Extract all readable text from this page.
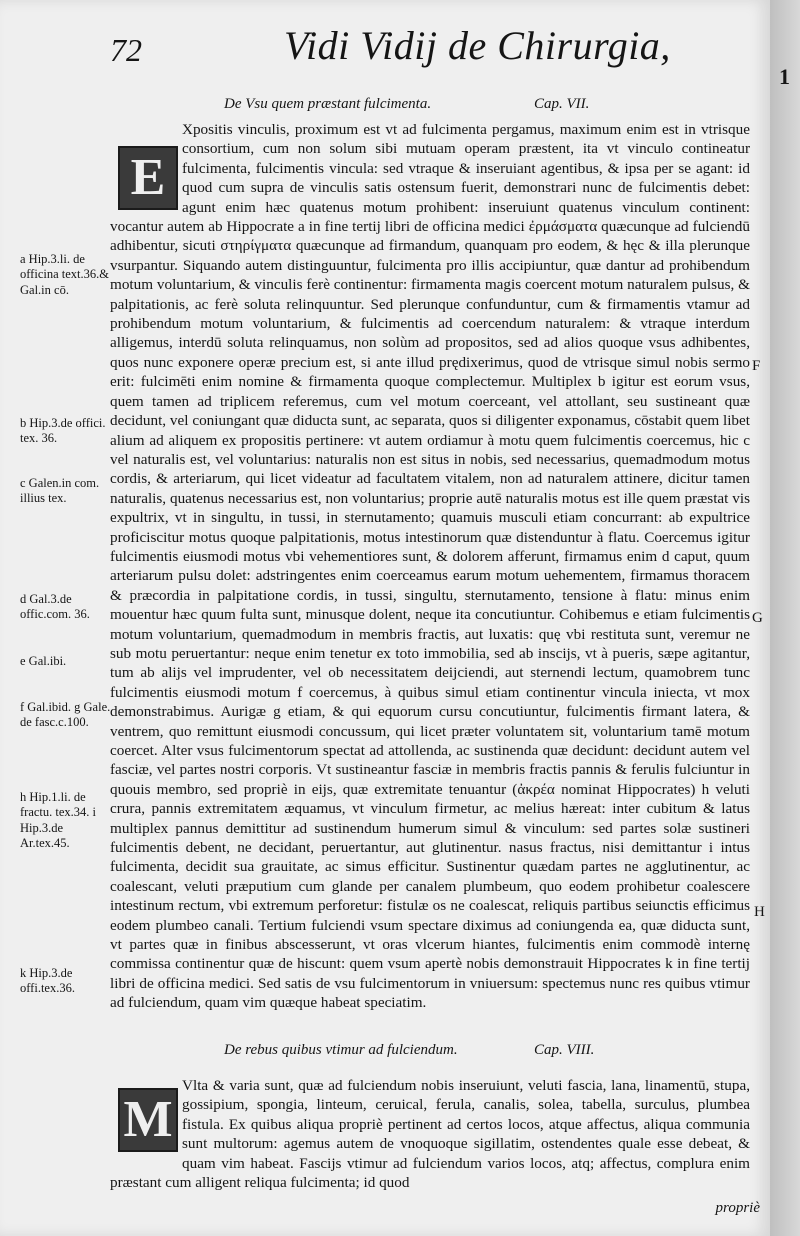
72	Vidi Vidij de Chirurgia,
1
De Vsu quem præstant fulcimenta.	Cap. VII.
E

Xpositis vinculis, proximum est vt ad fulcimenta pergamus, maximum enim est in vtrisque consortium, cum non solum sibi mutuam operam præstent, ita vt vinculo contineatur fulcimenta, fulcimentis vincula: sed vtraque & inseruiant agentibus, & ipsa per se agant: id quod cum supra de vinculis satis ostensum fuerit, demonstrari nunc de fulcimentis debet: agunt enim hæc quatenus motum prohibent: inseruiunt quatenus vinculum continent: vocantur autem ab Hippocrate a in fine tertij libri de officina medici ἐρμάσματα quæcunque ad fulciendū adhibentur, sicuti στηρίγματα quæcunque ad firmandum, quanquam pro eodem, & hęc & illa plerunque vsurpantur. Siquando autem distinguuntur, fulcimenta pro illis accipiuntur, quæ dantur ad prohibendum motum voluntarium, & vinculis ferè continentur: firmamenta magis coercent motum naturalem pulsus, & palpitationis, ac ferè soluta relinquuntur. Sed plerunque confunduntur, cum & firmamentis vtamur ad prohibendum motum voluntarium, & fulcimentis ad coercendum naturalem: & vtraque interdum alligemus, interdū soluta relinquamus, non solùm ad propositos, sed ad alios quoque vsus adhibentes, quos nunc exponere operæ precium est, si ante illud prędixerimus, quod de vtrisque simul nobis sermo erit: fulcimēti enim nomine & firmamenta quoque complectemur. Multiplex b igitur est eorum vsus, quem tamen ad triplicem referemus, cum vel motum coerceant, vel attollant, seu sustineant quæ decidunt, vel coniungant quæ diducta sunt, ac separata, quos si diligenter exponamus, cōstabit quem libet alium ad aliquem ex propositis pertinere: vt autem ordiamur à motu quem fulcimentis coercemus, hic c vel naturalis est, vel voluntarius: naturalis non est situs in nobis, sed necessarius, quemadmodum motus cordis, & arteriarum, qui licet videatur ad facultatem vitalem, non ad naturalem attinere, dicitur tamen naturalis, quatenus necessarius est, non voluntarius; proprie autē naturalis motus est ille quem præstat vis expultrix, vt in singultu, in tussi, in sternutamento; quamuis musculi etiam concurrant: ab expultrice proficiscitur motus quoque palpitationis, motus intestinorum quæ distenduntur à flatu. Coercemus igitur fulcimentis eiusmodi motus vbi vehementiores sunt, & dolorem afferunt, firmamus enim d caput, quum arteriarum pulsu dolet: adstringentes enim coerceamus earum motum uehementem, firmamus thoracem & præcordia in palpitatione cordis, in tussi, singultu, sternutamento, tensione à flatu: minus enim mouentur hæc quum fulta sunt, minusque dolent, neque ita concutiuntur. Cohibemus e etiam fulcimentis motum voluntarium, quemadmodum in membris fractis, aut luxatis: quę vbi restituta sunt, veremur ne sub motu peruertantur: neque enim tenetur ex toto immobilia, sed ab inscijs, vt à pueris, sæpe agitantur, tum ab alijs vel imprudenter, vel ob necessitatem deijciendi, aut sternendi lectum, quamobrem tunc fulcimentis eiusmodi motum f coercemus, à quibus simul etiam continentur vincula iniecta, vt mox demonstrabimus. Aurigæ g etiam, & qui equorum cursu concutiuntur, fulcimentis firmant latera, & ventrem, quo remittunt eiusmodi concussum, qui licet præter voluntatem sit, voluntarium tamē motum coercet. Alter vsus fulcimentorum spectat ad attollenda, ac sustinenda quæ decidunt: decidunt autem vel fasciæ, vel partes nostri corporis. Vt sustineantur fasciæ in membris fractis pannis & ferulis fulciuntur in quouis membro, sed propriè in eijs, quæ extremitate tenuantur (ἀκρέα nominat Hippocrates) h veluti crura, pannis extremitatem æquamus, vt vinculum firmetur, ac melius hæreat: inter cubitum & latus multiplex pannus demittitur ad sustinendum humerum simul & vinculum: sed partes solæ sustineri fulcimentis debent, ne decidant, peruertantur, aut glutinentur. nasus fractus, nisi demittantur i intus fulcimenta, decidit sua grauitate, ac simus efficitur. Sustinentur quædam partes ne agglutinentur, ac coalescant, veluti præputium cum glande per canalem plumbeum, quo eodem prohibetur coalescere intestinum rectum, vbi extremum perforetur: fistulæ os ne coalescat, reliquis partibus seiunctis efficimus eodem plumbeo canali. Tertium fulciendi vsum spectare diximus ad coniungenda ea, quæ diducta sunt, vt partes quæ in finibus abscesserunt, vt oras vlcerum hiantes, fulcimentis enim commodè internę commissa continentur quæ de hiscunt: quem vsum apertè nobis demonstrauit Hippocrates k in fine tertij libri de officina medici. Sed satis de vsu fulcimentorum in vniuersum: spectemus nunc res quibus vtimur ad fulciendum, quam vim quæque habeat speciatim.

De rebus quibus vtimur ad fulciendum.	Cap. VIII.
M

Vlta & varia sunt, quæ ad fulciendum nobis inseruiunt, veluti fascia, lana, linamentū, stupa, gossipium, spongia, linteum, ceruical, ferula, canalis, solea, tabella, surculus, plumbea fistula. Ex quibus aliqua propriè pertinent ad certos locos, atque affectus, aliqua communia sunt multorum: agemus autem de vnoquoque sigillatim, ostendentes quale esse debeat, & quam vim habeat. Fascijs vtimur ad fulciendum varios locos, atq; affectus, complura enim præstant cum alligent reliqua fulcimenta; id quod

propriè
a Hip.3.li. de officina text.36.& Gal.in cō.
b Hip.3.de offici. tex. 36.
c Galen.in com. illius tex.
d Gal.3.de offic.com. 36.
e Gal.ibi.
f Gal.ibid. g Gale. de fasc.c.100.
h Hip.1.li. de fractu. tex.34. i Hip.3.de Ar.tex.45.
k Hip.3.de offi.tex.36.
F
G
H
